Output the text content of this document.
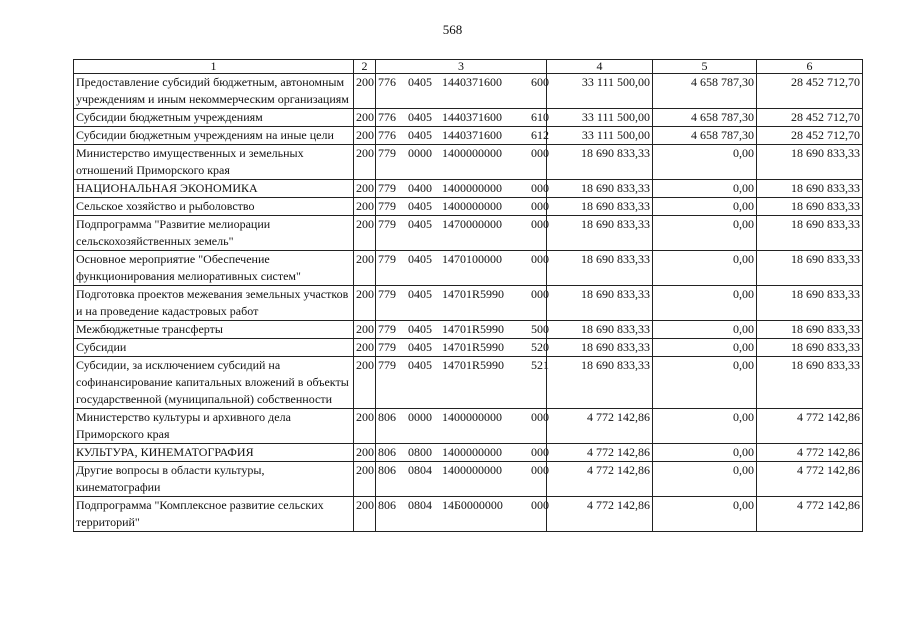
568
1	2	3	4	5	6
Предоставление субсидий бюджетным, автономным учреждениям и иным некоммерческим организациям	200	776 0405 1440371600 600	33 111 500,00	4 658 787,30	28 452 712,70
Субсидии бюджетным учреждениям	200	776 0405 1440371600 610	33 111 500,00	4 658 787,30	28 452 712,70
Субсидии бюджетным учреждениям на иные цели	200	776 0405 1440371600 612	33 111 500,00	4 658 787,30	28 452 712,70
Министерство имущественных и земельных отношений Приморского края	200	779 0000 1400000000 000	18 690 833,33	0,00	18 690 833,33
НАЦИОНАЛЬНАЯ ЭКОНОМИКА	200	779 0400 1400000000 000	18 690 833,33	0,00	18 690 833,33
Сельское хозяйство и рыболовство	200	779 0405 1400000000 000	18 690 833,33	0,00	18 690 833,33
Подпрограмма "Развитие мелиорации сельскохозяйственных земель"	200	779 0405 1470000000 000	18 690 833,33	0,00	18 690 833,33
Основное мероприятие "Обеспечение функционирования мелиоративных систем"	200	779 0405 1470100000 000	18 690 833,33	0,00	18 690 833,33
Подготовка проектов межевания земельных участков и на проведение кадастровых работ	200	779 0405 14701R5990 000	18 690 833,33	0,00	18 690 833,33
Межбюджетные трансферты	200	779 0405 14701R5990 500	18 690 833,33	0,00	18 690 833,33
Субсидии	200	779 0405 14701R5990 520	18 690 833,33	0,00	18 690 833,33
Субсидии, за исключением субсидий на софинансирование капитальных вложений в объекты государственной (муниципальной) собственности	200	779 0405 14701R5990 521	18 690 833,33	0,00	18 690 833,33
Министерство культуры и архивного дела Приморского края	200	806 0000 1400000000 000	4 772 142,86	0,00	4 772 142,86
КУЛЬТУРА, КИНЕМАТОГРАФИЯ	200	806 0800 1400000000 000	4 772 142,86	0,00	4 772 142,86
Другие вопросы в области культуры, кинематографии	200	806 0804 1400000000 000	4 772 142,86	0,00	4 772 142,86
Подпрограмма "Комплексное развитие сельских территорий"	200	806 0804 14Б0000000 000	4 772 142,86	0,00	4 772 142,86
